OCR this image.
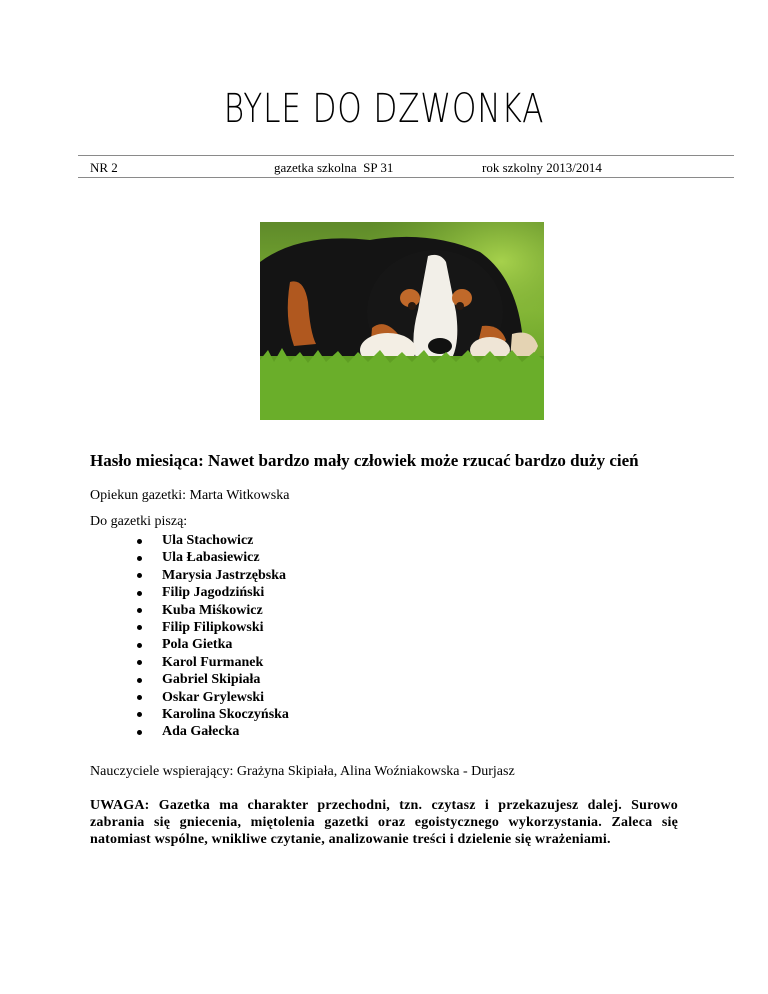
BYLE DO DZWONKA
NR 2	gazetka szkolna  SP 31	rok szkolny 2013/2014
Hasło miesiąca: Nawet bardzo mały człowiek może rzucać bardzo duży cień
Opiekun gazetki: Marta Witkowska
Do gazetki piszą:
Ula Stachowicz
Ula Łabasiewicz
Marysia Jastrzębska
Filip Jagodziński
Kuba Miśkowicz
Filip Filipkowski
Pola Gietka
Karol Furmanek
Gabriel Skipiała
Oskar Grylewski
Karolina Skoczyńska
Ada Gałecka
Nauczyciele wspierający: Grażyna Skipiała, Alina Woźniakowska - Durjasz
UWAGA: Gazetka ma charakter przechodni, tzn. czytasz i przekazujesz dalej. Surowo zabrania się gniecenia, miętolenia gazetki oraz egoistycznego wykorzystania. Zaleca się natomiast wspólne, wnikliwe czytanie, analizowanie treści i dzielenie się wrażeniami.
